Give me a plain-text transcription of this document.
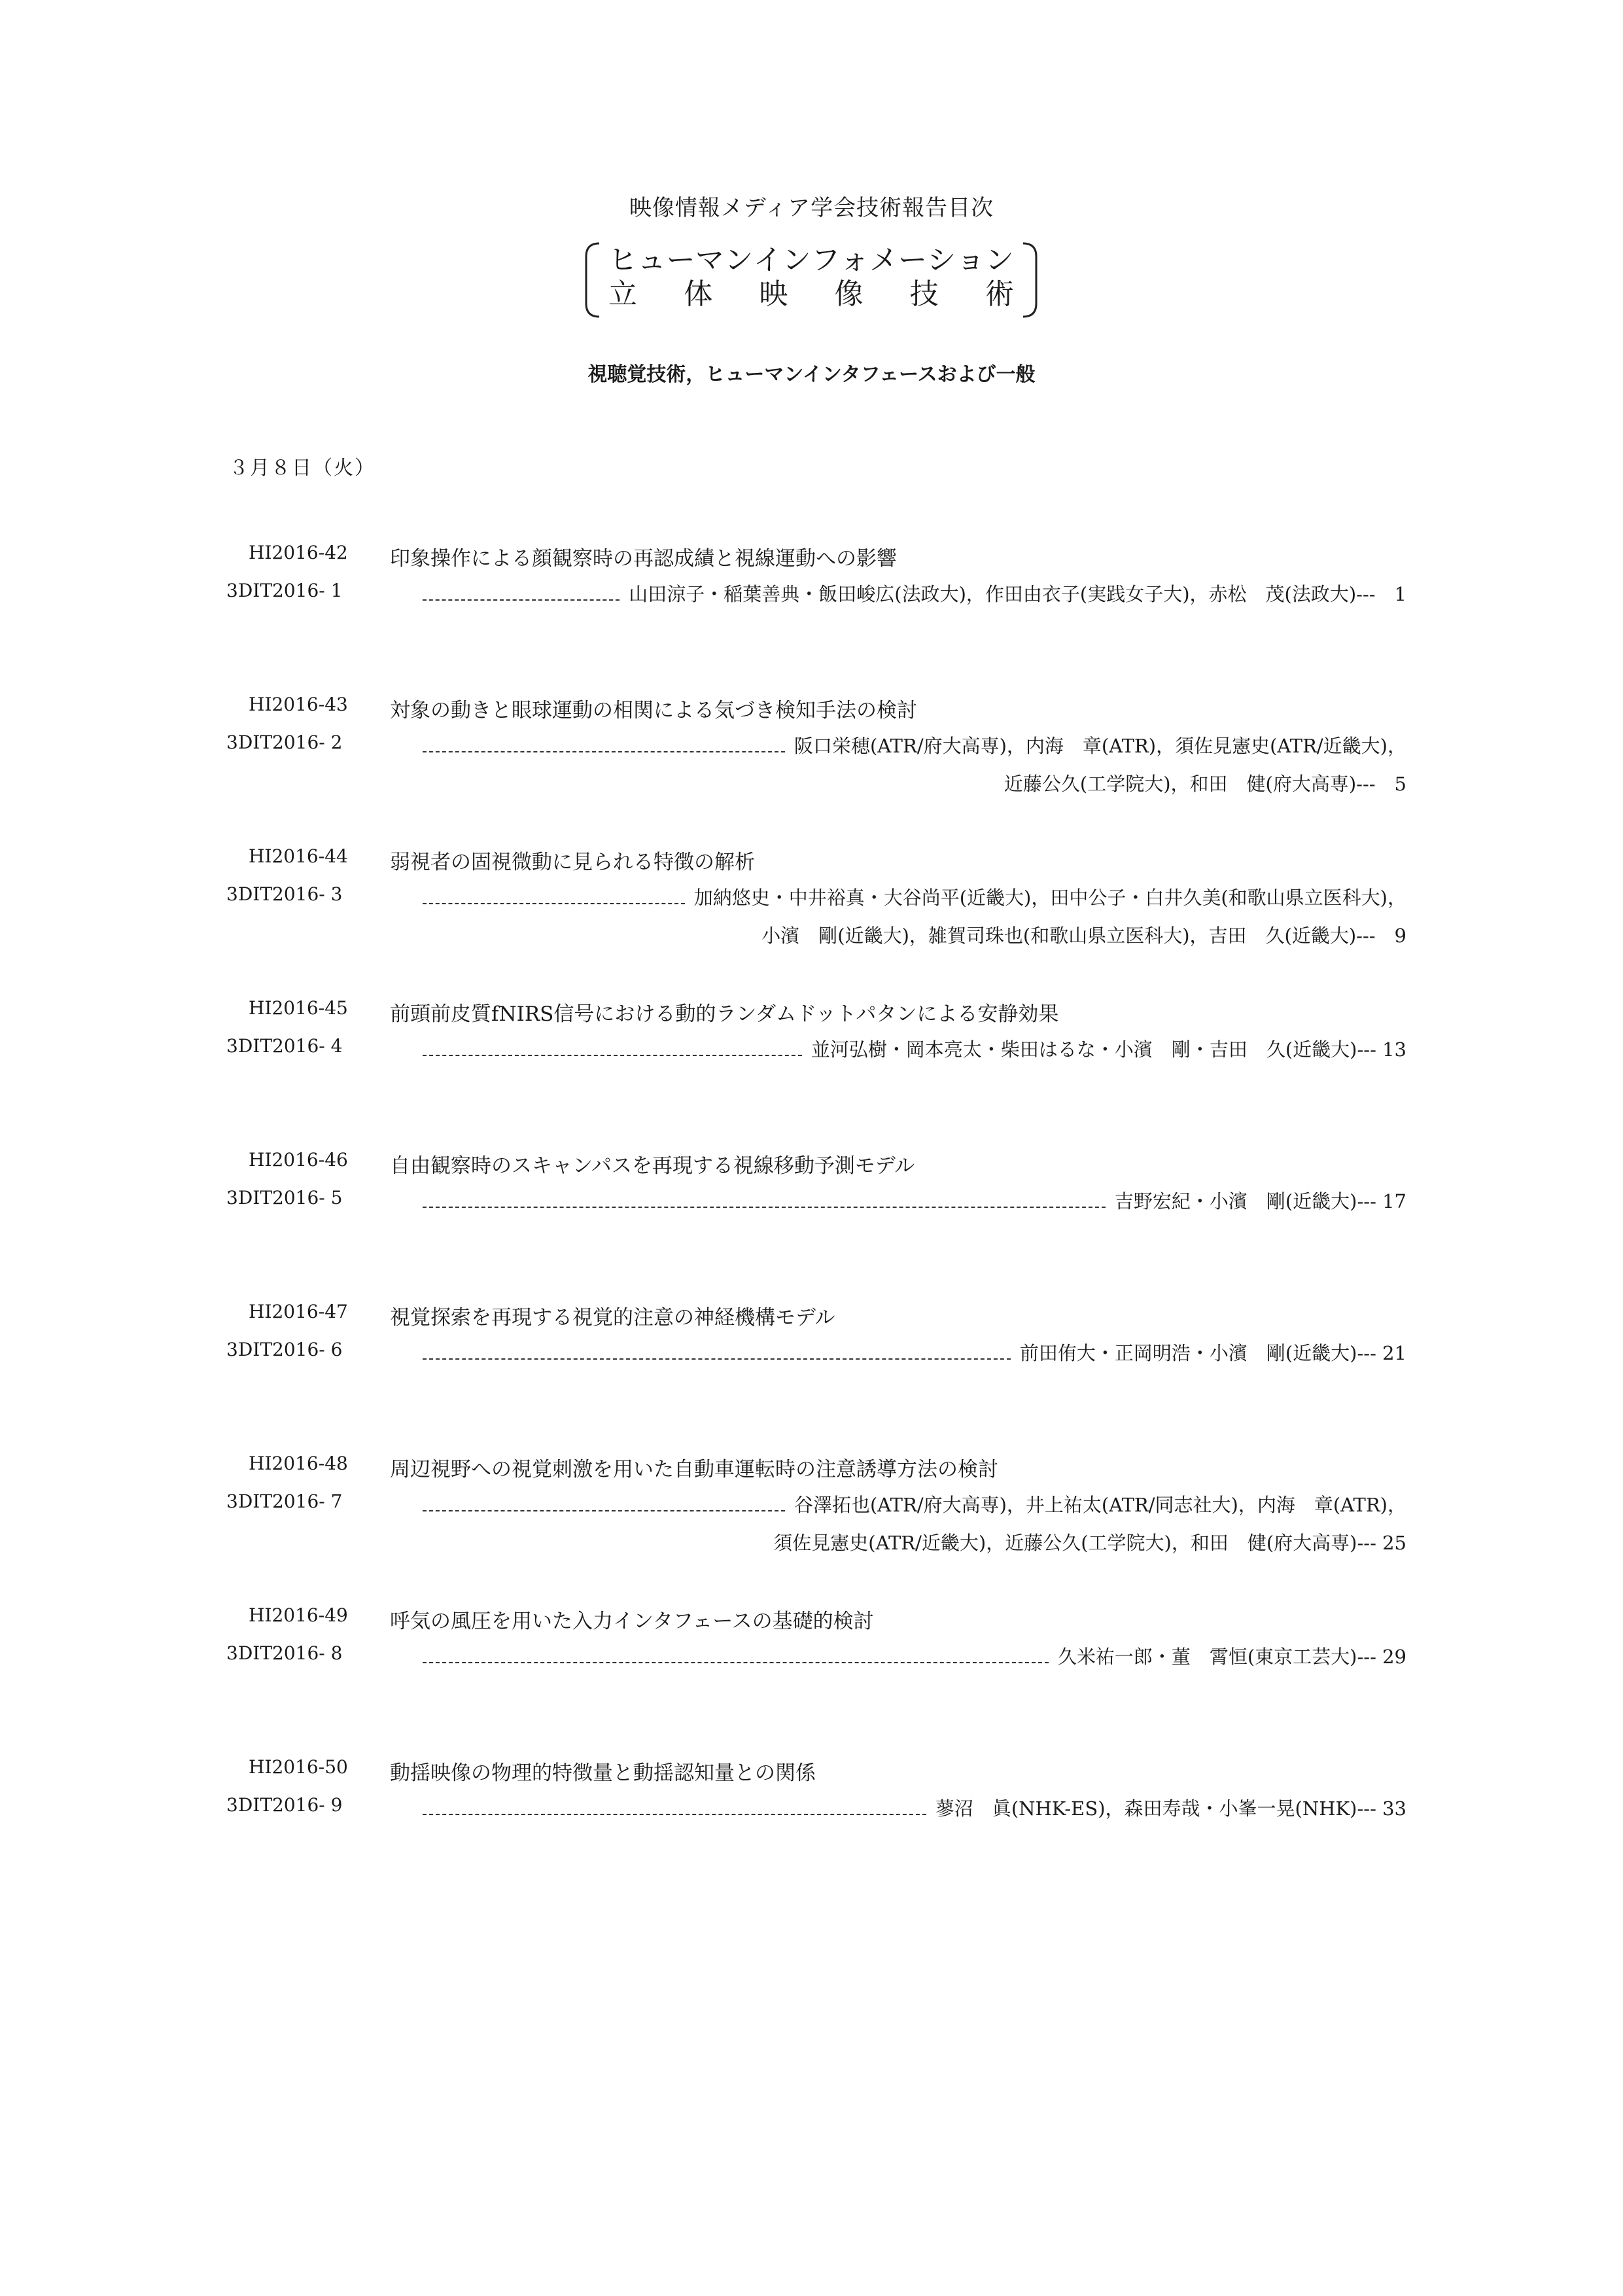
映像情報メディア学会技術報告目次
ヒ ュ ー マ ン イ ン フ ォ メ ー シ ョ ン
立 体 映 像 技 術
視聴覚技術，ヒューマンインタフェースおよび一般
３月８日（火）
HI2016-42
3DIT2016- 1
印象操作による顔観察時の再認成績と視線運動への影響
山田涼子・稲葉善典・飯田峻広(法政大)，作田由衣子(実践女子大)，赤松　茂(法政大)---　1
HI2016-43
3DIT2016- 2
対象の動きと眼球運動の相関による気づき検知手法の検討
阪口栄穂(ATR/府大高専)，内海　章(ATR)，須佐見憲史(ATR/近畿大)，
近藤公久(工学院大)，和田　健(府大高専)---　5
HI2016-44
3DIT2016- 3
弱視者の固視微動に見られる特徴の解析
加納悠史・中井裕真・大谷尚平(近畿大)，田中公子・白井久美(和歌山県立医科大)，
小濱　剛(近畿大)，雑賀司珠也(和歌山県立医科大)，吉田　久(近畿大)---　9
HI2016-45
3DIT2016- 4
前頭前皮質fNIRS信号における動的ランダムドットパタンによる安静効果
並河弘樹・岡本亮太・柴田はるな・小濱　剛・吉田　久(近畿大)--- 13
HI2016-46
3DIT2016- 5
自由観察時のスキャンパスを再現する視線移動予測モデル
吉野宏紀・小濱　剛(近畿大)--- 17
HI2016-47
3DIT2016- 6
視覚探索を再現する視覚的注意の神経機構モデル
前田侑大・正岡明浩・小濱　剛(近畿大)--- 21
HI2016-48
3DIT2016- 7
周辺視野への視覚刺激を用いた自動車運転時の注意誘導方法の検討
谷澤拓也(ATR/府大高専)，井上祐太(ATR/同志社大)，内海　章(ATR)，
須佐見憲史(ATR/近畿大)，近藤公久(工学院大)，和田　健(府大高専)--- 25
HI2016-49
3DIT2016- 8
呼気の風圧を用いた入力インタフェースの基礎的検討
久米祐一郎・董　霄恒(東京工芸大)--- 29
HI2016-50
3DIT2016- 9
動揺映像の物理的特徴量と動揺認知量との関係
蓼沼　眞(NHK-ES)，森田寿哉・小峯一晃(NHK)--- 33
